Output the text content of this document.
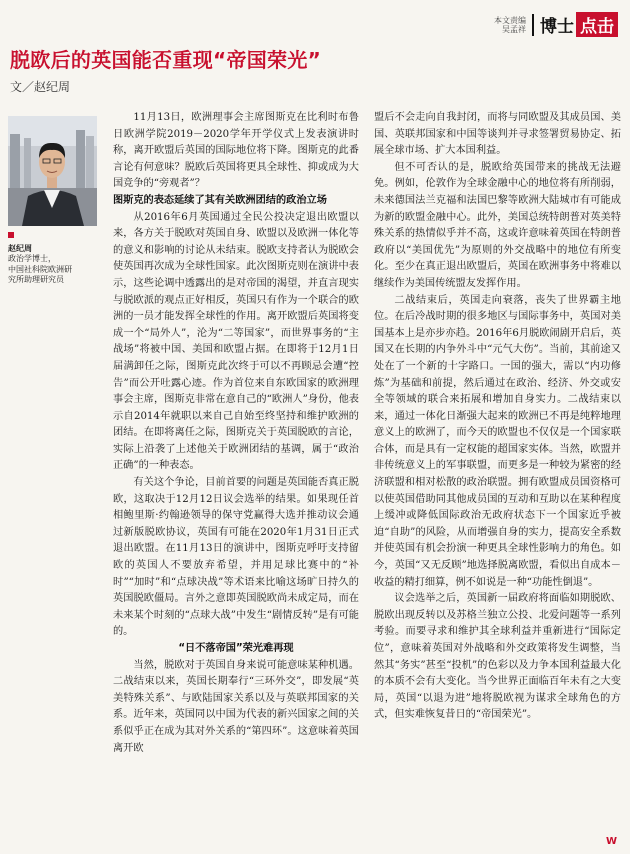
本文责编
吴孟祥 博士 点击
脱欧后的英国能否重现“帝国荣光”
文／赵纪周
赵纪周
政治学博士，
中国社科院欧洲研
究所助理研究员

11月13日，欧洲理事会主席图斯克在比利时布鲁日欧洲学院2019－2020学年开学仪式上发表演讲时称，离开欧盟后英国的国际地位将下降。图斯克的此番言论有何意味？脱欧后英国将更具全球性、抑或成为大国竞争的“旁观者”？

图斯克的表态延续了其有关欧洲团结的政治立场

从2016年6月英国通过全民公投决定退出欧盟以来，各方关于脱欧对英国自身、欧盟以及欧洲一体化等的意义和影响的讨论从未结束。脱欧支持者认为脱欧会使英国再次成为全球性国家。此次图斯克则在演讲中表示，这些论调中透露出的是对帝国的渴望，并直言现实与脱欧派的观点正好相反，英国只有作为一个联合的欧洲的一员才能发挥全球性的作用。离开欧盟后英国将变成一个“局外人”，沦为“二等国家”，而世界事务的“主战场”将被中国、美国和欧盟占据。在即将于12月1日届满卸任之际，图斯克此次终于可以不再顾忌会遭“控告”而公开吐露心迹。作为首位来自东欧国家的欧洲理事会主席，图斯克非常在意自己的“欧洲人”身份，他表示自2014年就职以来自己自始至终坚持和维护欧洲的团结。在即将离任之际，图斯克关于英国脱欧的言论，实际上沿袭了上述他关于欧洲团结的基调，属于“政治正确”的一种表态。

有关这个争论，目前首要的问题是英国能否真正脱欧，这取决于12月12日议会选举的结果。如果现任首相鲍里斯·约翰逊领导的保守党赢得大选并推动议会通过新版脱欧协议，英国有可能在2020年1月31日正式退出欧盟。在11月13日的演讲中，图斯克呼吁支持留欧的英国人不要放弃希望，并用足球比赛中的“补时”“加时”和“点球决战”等术语来比喻这场旷日持久的英国脱欧僵局。言外之意即英国脱欧尚未成定局，而在未来某个时刻的“点球大战”中发生“剧情反转”是有可能的。

“日不落帝国”荣光难再现

当然，脱欧对于英国自身来说可能意味某种机遇。二战结束以来，英国长期奉行“三环外交”，即发展“英美特殊关系”、与欧陆国家关系以及与英联邦国家的关系。近年来，英国同以中国为代表的新兴国家之间的关系似乎正在成为其对外关系的“第四环”。这意味着英国离开欧

盟后不会走向自我封闭，而将与同欧盟及其成员国、美国、英联邦国家和中国等谈判并寻求签署贸易协定、拓展全球市场、扩大本国利益。

但不可否认的是，脱欧给英国带来的挑战无法避免。例如，伦敦作为全球金融中心的地位将有所削弱，未来德国法兰克福和法国巴黎等欧洲大陆城市有可能成为新的欧盟金融中心。此外，美国总统特朗普对英美特殊关系的热情似乎并不高，这或许意味着英国在特朗普政府以“美国优先”为原则的外交战略中的地位有所变化。至少在真正退出欧盟后，英国在欧洲事务中将难以继续作为美国传统盟友发挥作用。

二战结束后，英国走向衰落，丧失了世界霸主地位。在后冷战时期的很多地区与国际事务中，英国对美国基本上是亦步亦趋。2016年6月脱欧闹剧开启后，英国又在长期的内争外斗中“元气大伤”。当前，其前途又处在了一个新的十字路口。一国的强大，需以“内功修炼”为基础和前提，然后通过在政治、经济、外交或安全等领域的联合来拓展和增加自身实力。二战结束以来，通过一体化日渐强大起来的欧洲已不再是纯粹地理意义上的欧洲了，而今天的欧盟也不仅仅是一个国家联合体，而是具有一定权能的超国家实体。当然，欧盟并非传统意义上的军事联盟，而更多是一种较为紧密的经济联盟和相对松散的政治联盟。拥有欧盟成员国资格可以使英国借助同其他成员国的互动和互助以在某种程度上缓冲或降低国际政治无政府状态下一个国家近乎被迫“自助”的风险，从而增强自身的实力，提高安全系数并使英国有机会扮演一种更具全球性影响力的角色。如今，英国“又无反顾”地选择脱离欧盟，看似出自成本－收益的精打细算，例不如说是一种“功能性倒退”。

议会选举之后，英国新一届政府将面临如期脱欧、脱欧出现反转以及苏格兰独立公投、北爱问题等一系列考验。而要寻求和维护其全球利益并重新进行“国际定位”，意味着英国对外战略和外交政策将发生调整，当然其“务实”甚至“投机”的色彩以及力争本国利益最大化的本质不会有大变化。当今世界正面临百年未有之大变局，英国“以退为进”地将脱欧视为谋求全球角色的方式，但实难恢复昔日的“帝国荣光”。

W
